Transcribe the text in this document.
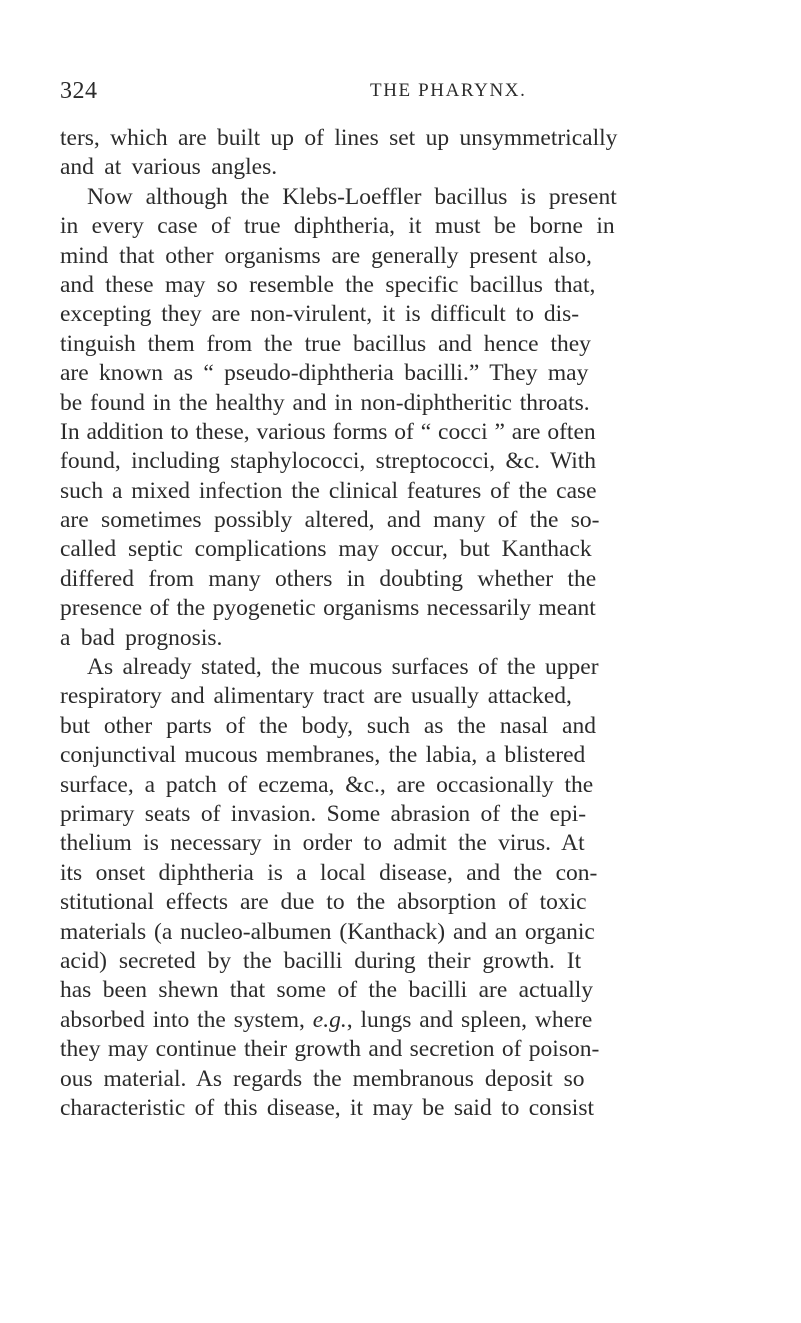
324	THE PHARYNX.
ters, which are built up of lines set up unsymmetrically
and at various angles.
Now although the Klebs-Loeffler bacillus is present
in every case of true diphtheria, it must be borne in
mind that other organisms are generally present also,
and these may so resemble the specific bacillus that,
excepting they are non-virulent, it is difficult to dis-
tinguish them from the true bacillus and hence they
are known as “ pseudo-diphtheria bacilli.” They may
be found in the healthy and in non-diphtheritic throats.
In addition to these, various forms of “ cocci ” are often
found, including staphylococci, streptococci, &c. With
such a mixed infection the clinical features of the case
are sometimes possibly altered, and many of the so-
called septic complications may occur, but Kanthack
differed from many others in doubting whether the
presence of the pyogenetic organisms necessarily meant
a bad prognosis.
As already stated, the mucous surfaces of the upper
respiratory and alimentary tract are usually attacked,
but other parts of the body, such as the nasal and
conjunctival mucous membranes, the labia, a blistered
surface, a patch of eczema, &c., are occasionally the
primary seats of invasion. Some abrasion of the epi-
thelium is necessary in order to admit the virus. At
its onset diphtheria is a local disease, and the con-
stitutional effects are due to the absorption of toxic
materials (a nucleo-albumen (Kanthack) and an organic
acid) secreted by the bacilli during their growth. It
has been shewn that some of the bacilli are actually
absorbed into the system, e.g., lungs and spleen, where
they may continue their growth and secretion of poison-
ous material. As regards the membranous deposit so
characteristic of this disease, it may be said to consist
